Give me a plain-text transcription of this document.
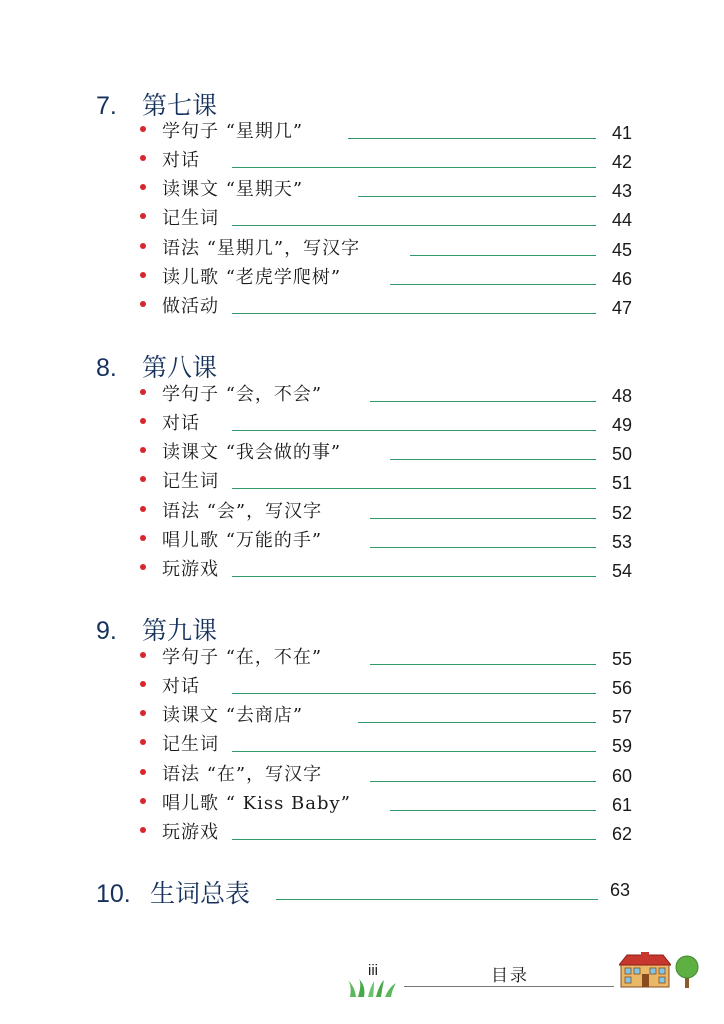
7. 第七课
学句子 “星期几”	41
对话	42
读课文 “星期天”	43
记生词	44
语法 “星期几”，写汉字	45
读儿歌 “老虎学爬树”	46
做活动	47
8. 第八课
学句子 “会，不会”	48
对话	49
读课文 “我会做的事”	50
记生词	51
语法 “会”，写汉字	52
唱儿歌 “万能的手”	53
玩游戏	54
9. 第九课
学句子 “在，不在”	55
对话	56
读课文 “去商店”	57
记生词	59
语法 “在”，写汉字	60
唱儿歌 “ Kiss Baby”	61
玩游戏	62
10. 生词总表	63
iii	目录
